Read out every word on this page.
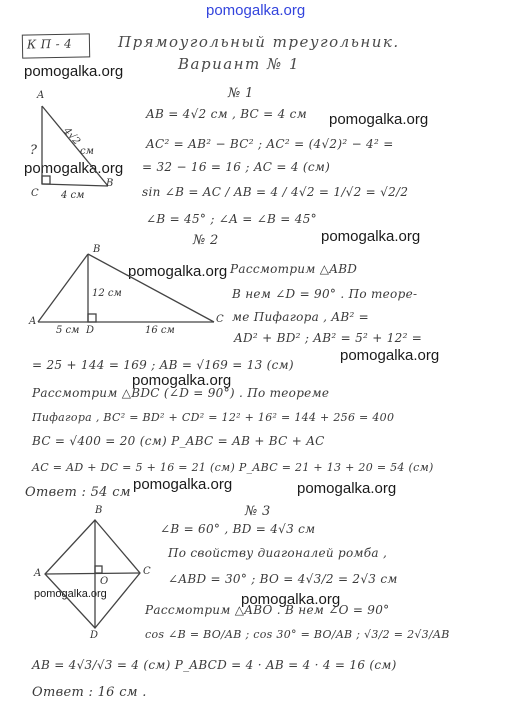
pomogalka.org
pomogalka.org
pomogalka.org
pomogalka.org
pomogalka.org
pomogalka.org
pomogalka.org
pomogalka.org
pomogalka.org	pomogalka.org
pomogalka.org	pomogalka.org
К П - 4	Прямоугольный треугольник.
Вариант № 1
A
C
B
4√2
см
?
4 см
№ 1
AB = 4√2 см , BC = 4 см
AC² = AB² − BC² ; AC² = (4√2)² − 4² =
= 32 − 16 = 16 ; AC = 4 (см)
sin ∠B = AC / AB = 4 / 4√2 = 1/√2 = √2/2
∠B = 45° ; ∠A = ∠B = 45°
№ 2
B
A	C
D
12 см
5 см	16 см
Рассмотрим △ABD
В нем ∠D = 90° . По теоре-
ме Пифагора , AB² =
AD² + BD² ; AB² = 5² + 12² =
= 25 + 144 = 169 ; AB = √169 = 13 (см)
Рассмотрим △BDC (∠D = 90°) . По теореме
Пифагора , BC² = BD² + CD² = 12² + 16² = 144 + 256 = 400
BC = √400 = 20 (см) P_ABC = AB + BC + AC
AC = AD + DC = 5 + 16 = 21 (см) P_ABC = 21 + 13 + 20 = 54 (см)
Ответ : 54 см
№ 3
B
A	C
D
O
∠B = 60° , BD = 4√3 см
По свойству диагоналей ромба ,
∠ABD = 30° ; BO = 4√3/2 = 2√3 см
Рассмотрим △ABO . В нем ∠O = 90°
cos ∠B = BO/AB ; cos 30° = BO/AB ; √3/2 = 2√3/AB
AB = 4√3/√3 = 4 (см) P_ABCD = 4 · AB = 4 · 4 = 16 (см)
Ответ : 16 см .
